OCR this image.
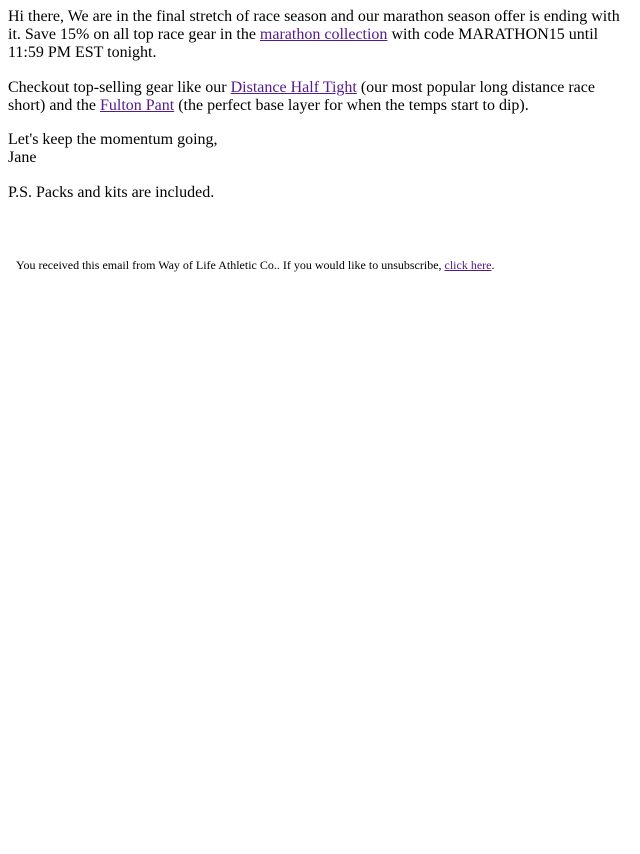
Hi there, We are in the final stretch of race season and our marathon season offer is ending with it. Save 15% on all top race gear in the marathon collection with code MARATHON15 until 11:59 PM EST tonight.

Checkout top-selling gear like our Distance Half Tight (our most popular long distance race short) and the Fulton Pant (the perfect base layer for when the temps start to dip).

Let's keep the momentum going,

Jane

P.S. Packs and kits are included.

You received this email from Way of Life Athletic Co.. If you would like to unsubscribe, click here.
